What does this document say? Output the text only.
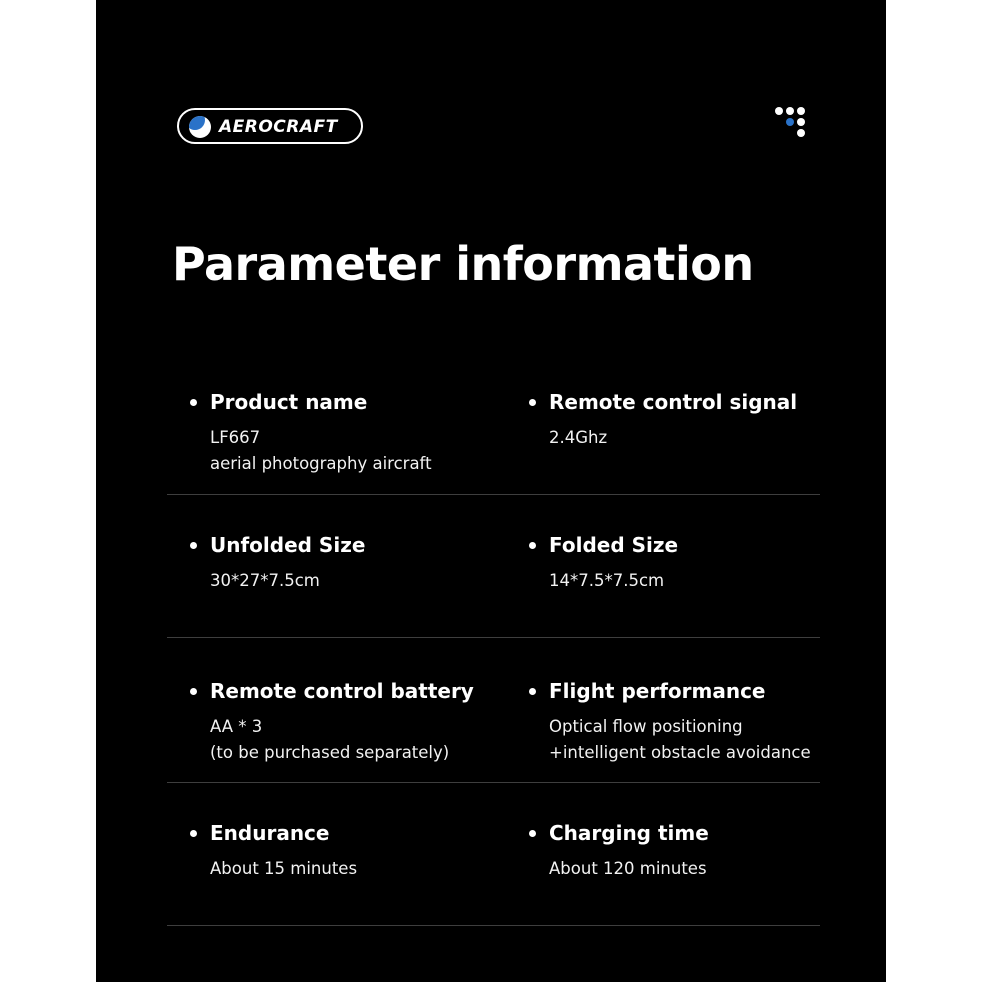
AEROCRAFT
Parameter information
Product name
LF667
aerial photography aircraft
Remote control signal
2.4Ghz
Unfolded Size
30*27*7.5cm
Folded Size
14*7.5*7.5cm
Remote control battery
AA * 3
(to be purchased separately)
Flight performance
Optical flow positioning
+intelligent obstacle avoidance
Endurance
About 15 minutes
Charging time
About 120 minutes
